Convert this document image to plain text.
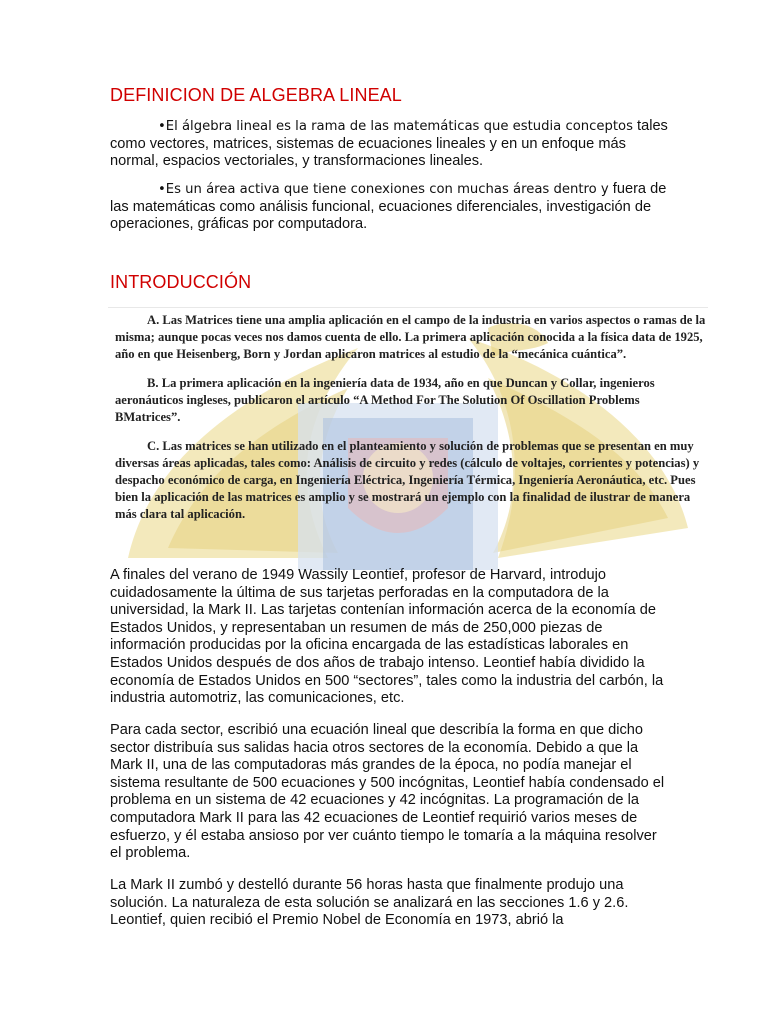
DEFINICION DE ALGEBRA LINEAL

•El álgebra lineal es la rama de las matemáticas que estudia conceptos tales como vectores, matrices, sistemas de ecuaciones lineales y en un enfoque más normal, espacios vectoriales, y transformaciones lineales.

•Es un área activa que tiene conexiones con muchas áreas dentro y fuera de las matemáticas como análisis funcional, ecuaciones diferenciales, investigación de operaciones, gráficas por computadora.

INTRODUCCIÓN

A. Las Matrices tiene una amplia aplicación en el campo de la industria en varios aspectos o ramas de la misma; aunque pocas veces nos damos cuenta de ello. La primera aplicación conocida a la física data de 1925, año en que Heisenberg, Born y Jordan aplicaron matrices al estudio de la “mecánica cuántica”.

B. La primera aplicación en la ingeniería data de 1934, año en que Duncan y Collar, ingenieros aeronáuticos ingleses, publicaron el artículo “A Method For The Solution Of Oscillation Problems BMatrices”.

C. Las matrices se han utilizado en el planteamiento y solución de problemas que se presentan en muy diversas áreas aplicadas, tales como: Análisis de circuito y redes (cálculo de voltajes, corrientes y potencias) y despacho económico de carga, en Ingeniería Eléctrica, Ingeniería Térmica, Ingeniería Aeronáutica, etc. Pues bien la aplicación de las matrices es amplio y se mostrará un ejemplo con la finalidad de ilustrar de manera más clara tal aplicación.

A finales del verano de 1949 Wassily Leontief, profesor de Harvard, introdujo cuidadosamente la última de sus tarjetas perforadas en la computadora de la universidad, la Mark II. Las tarjetas contenían información acerca de la economía de Estados Unidos, y representaban un resumen de más de 250,000 piezas de información producidas por la oficina encargada de las estadísticas laborales en Estados Unidos después de dos años de trabajo intenso. Leontief había dividido la economía de Estados Unidos en 500 “sectores”, tales como la industria del carbón, la industria automotriz, las comunicaciones, etc.

Para cada sector, escribió una ecuación lineal que describía la forma en que dicho sector distribuía sus salidas hacia otros sectores de la economía. Debido a que la Mark II, una de las computadoras más grandes de la época, no podía manejar el sistema resultante de 500 ecuaciones y 500 incógnitas, Leontief había condensado el problema en un sistema de 42 ecuaciones y 42 incógnitas. La programación de la computadora Mark II para las 42 ecuaciones de Leontief requirió varios meses de esfuerzo, y él estaba ansioso por ver cuánto tiempo le tomaría a la máquina resolver el problema.

La Mark II zumbó y destelló durante 56 horas hasta que finalmente produjo una solución. La naturaleza de esta solución se analizará en las secciones 1.6 y 2.6. Leontief, quien recibió el Premio Nobel de Economía en 1973, abrió la
